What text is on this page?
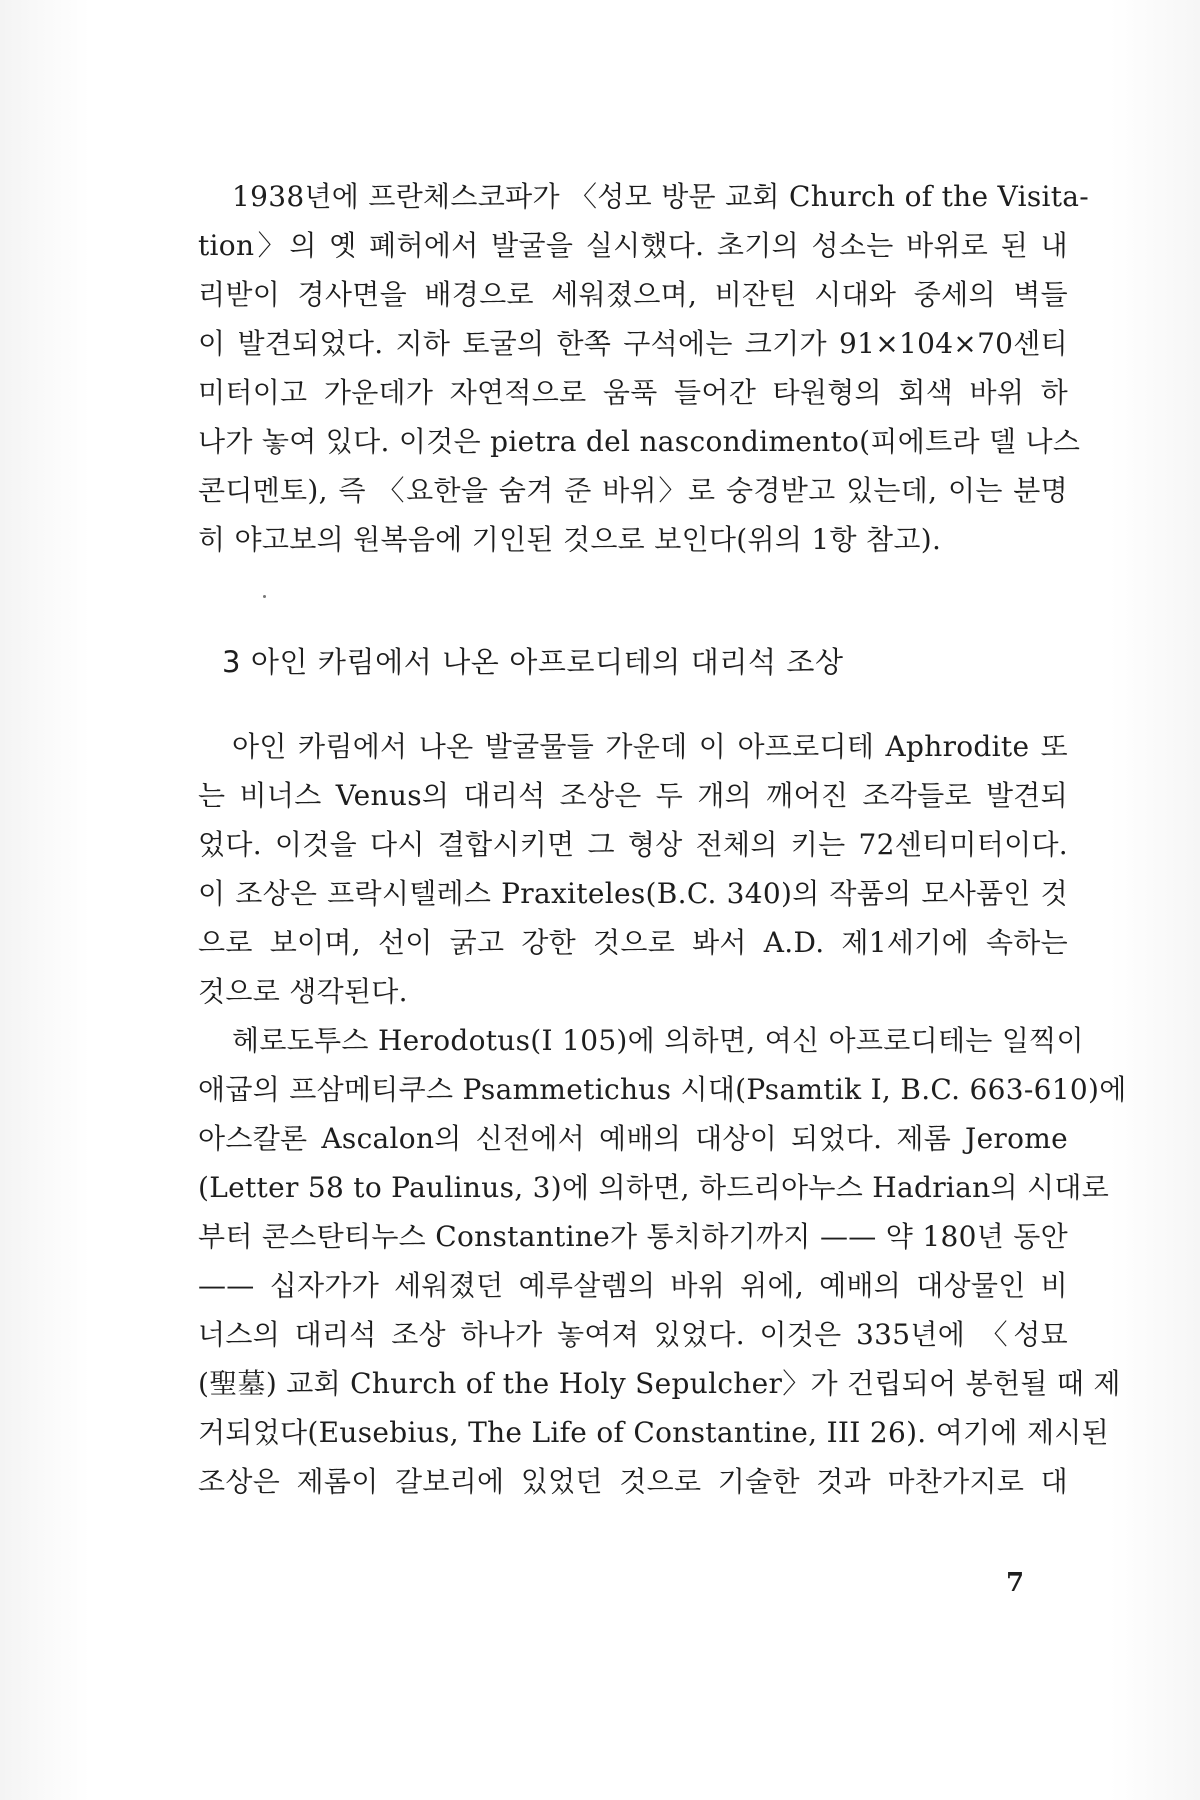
1938년에 프란체스코파가 〈성모 방문 교회 Church of the Visita-
tion〉의 옛 폐허에서 발굴을 실시했다. 초기의 성소는 바위로 된 내
리받이 경사면을 배경으로 세워졌으며, 비잔틴 시대와 중세의 벽들
이 발견되었다. 지하 토굴의 한쪽 구석에는 크기가 91×104×70센티
미터이고 가운데가 자연적으로 움푹 들어간 타원형의 회색 바위 하
나가 놓여 있다. 이것은 pietra del nascondimento(피에트라 델 나스
콘디멘토), 즉 〈요한을 숨겨 준 바위〉로 숭경받고 있는데, 이는 분명
히 야고보의 원복음에 기인된 것으로 보인다(위의 1항 참고).
3 아인 카림에서 나온 아프로디테의 대리석 조상
아인 카림에서 나온 발굴물들 가운데 이 아프로디테 Aphrodite 또
는 비너스 Venus의 대리석 조상은 두 개의 깨어진 조각들로 발견되
었다. 이것을 다시 결합시키면 그 형상 전체의 키는 72센티미터이다.
이 조상은 프락시텔레스 Praxiteles(B.C. 340)의 작품의 모사품인 것
으로 보이며, 선이 굵고 강한 것으로 봐서 A.D. 제1세기에 속하는
것으로 생각된다.
헤로도투스 Herodotus(I 105)에 의하면, 여신 아프로디테는 일찍이
애굽의 프삼메티쿠스 Psammetichus 시대(Psamtik I, B.C. 663-610)에
아스칼론 Ascalon의 신전에서 예배의 대상이 되었다. 제롬 Jerome
(Letter 58 to Paulinus, 3)에 의하면, 하드리아누스 Hadrian의 시대로
부터 콘스탄티누스 Constantine가 통치하기까지 —— 약 180년 동안
—— 십자가가 세워졌던 예루살렘의 바위 위에, 예배의 대상물인 비
너스의 대리석 조상 하나가 놓여져 있었다. 이것은 335년에 〈성묘
(聖墓) 교회 Church of the Holy Sepulcher〉가 건립되어 봉헌될 때 제
거되었다(Eusebius, The Life of Constantine, III 26). 여기에 제시된
조상은 제롬이 갈보리에 있었던 것으로 기술한 것과 마찬가지로 대
7
